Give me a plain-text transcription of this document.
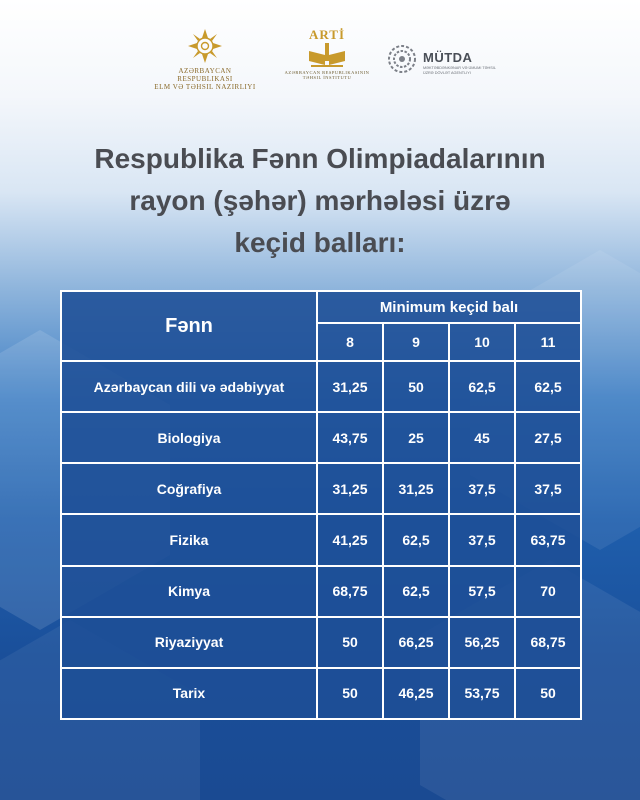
AZƏRBAYCAN RESPUBLIKASI
ELM VƏ TƏHSIL NAZIRLIYI
ARTİ
AZƏRBAYCAN RESPUBLIKASININ TƏHSIL İNSTITUTU
MÜTDA
MƏKTƏBDƏNKƏNAR VƏ ÜMUMI TƏHSIL ÜZRƏ DÖVLƏT AGENTLIYI
Respublika Fənn Olimpiadalarının
rayon (şəhər) mərhələsi üzrə
keçid balları:
Fənn	Minimum keçid balı			
	8	9	10	11
Azərbaycan dili və ədəbiyyat	31,25	50	62,5	62,5
Biologiya	43,75	25	45	27,5
Coğrafiya	31,25	31,25	37,5	37,5
Fizika	41,25	62,5	37,5	63,75
Kimya	68,75	62,5	57,5	70
Riyaziyyat	50	66,25	56,25	68,75
Tarix	50	46,25	53,75	50
